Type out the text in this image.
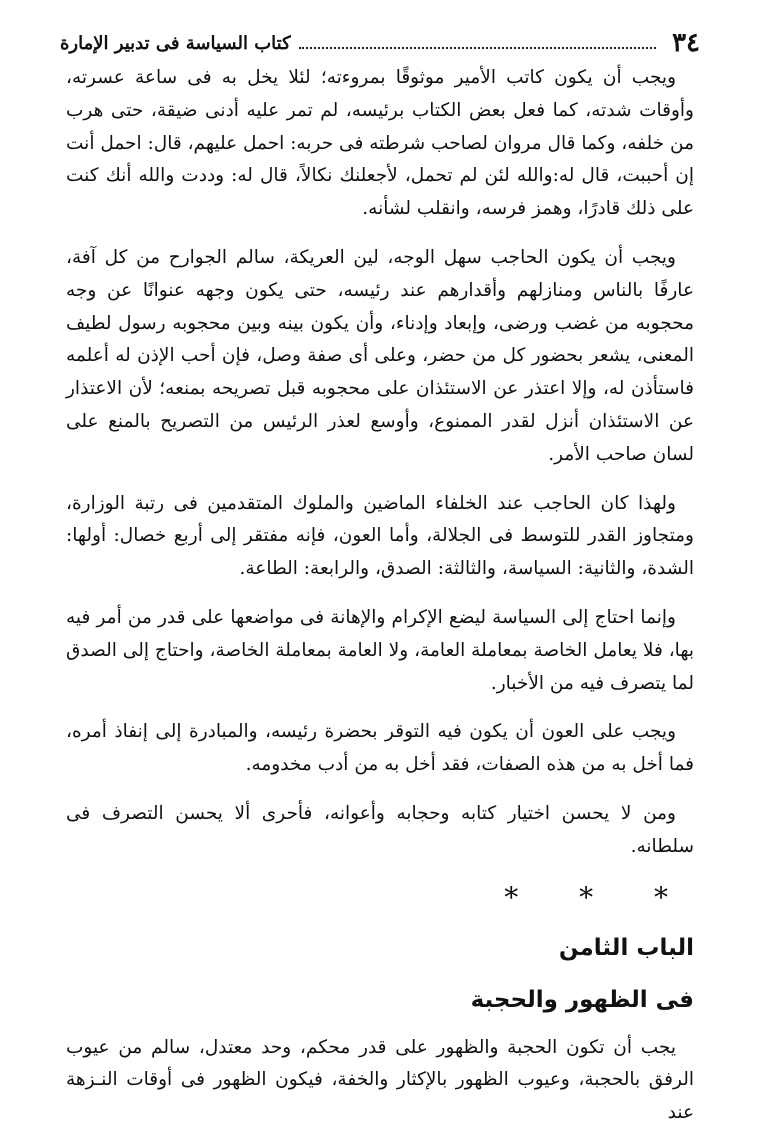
٣٤
كتاب السياسة فى تدبير الإمارة

ويجب أن يكون كاتب الأمير موثوقًا بمروءته؛ لئلا يخل به فى ساعة عسرته، وأوقات شدته، كما فعل بعض الكتاب برئيسه، لم تمر عليه أدنى ضيقة، حتى هرب من خلفه، وكما قال مروان لصاحب شرطته فى حربه: احمل عليهم، قال: احمل أنت إن أحببت، قال له:والله لئن لم تحمل، لأجعلنك نكالاً، قال له: وددت والله أنك كنت على ذلك قادرًا، وهمز فرسه، وانقلب لشأنه.

ويجب أن يكون الحاجب سهل الوجه، لين العريكة، سالم الجوارح من كل آفة، عارفًا بالناس ومنازلهم وأقدارهم عند رئيسه، حتى يكون وجهه عنوانًا عن وجه محجوبه من غضب ورضى، وإبعاد وإدناء، وأن يكون بينه وبين محجوبه رسول لطيف المعنى، يشعر بحضور كل من حضر، وعلى أى صفة وصل، فإن أحب الإذن له أعلمه فاستأذن له، وإلا اعتذر عن الاستئذان على محجوبه قبل تصريحه بمنعه؛ لأن الاعتذار عن الاستئذان أنزل لقدر الممنوع، وأوسع لعذر الرئيس من التصريح بالمنع على لسان صاحب الأمر.

ولهذا كان الحاجب عند الخلفاء الماضين والملوك المتقدمين فى رتبة الوزارة، ومتجاوز القدر للتوسط فى الجلالة، وأما العون، فإنه مفتقر إلى أربع خصال: أولها: الشدة، والثانية: السياسة، والثالثة: الصدق، والرابعة: الطاعة.

وإنما احتاج إلى السياسة ليضع الإكرام والإهانة فى مواضعها على قدر من أمر فيه بها، فلا يعامل الخاصة بمعاملة العامة، ولا العامة بمعاملة الخاصة، واحتاج إلى الصدق لما يتصرف فيه من الأخبار.

ويجب على العون أن يكون فيه التوقر بحضرة رئيسه، والمبادرة إلى إنفاذ أمره، فما أخل به من هذه الصفات، فقد أخل به من أدب مخدومه.

ومن لا يحسن اختيار كتابه وحجابه وأعوانه، فأحرى ألا يحسن التصرف فى سلطانه.

* * *
الباب الثامن
فى الظهور والحجبة

يجب أن تكون الحجبة والظهور على قدر محكم، وحد معتدل، سالم من عيوب الرفق بالحجبة، وعيوب الظهور بالإكثار والخفة، فيكون الظهور فى أوقات النـزهة عند
